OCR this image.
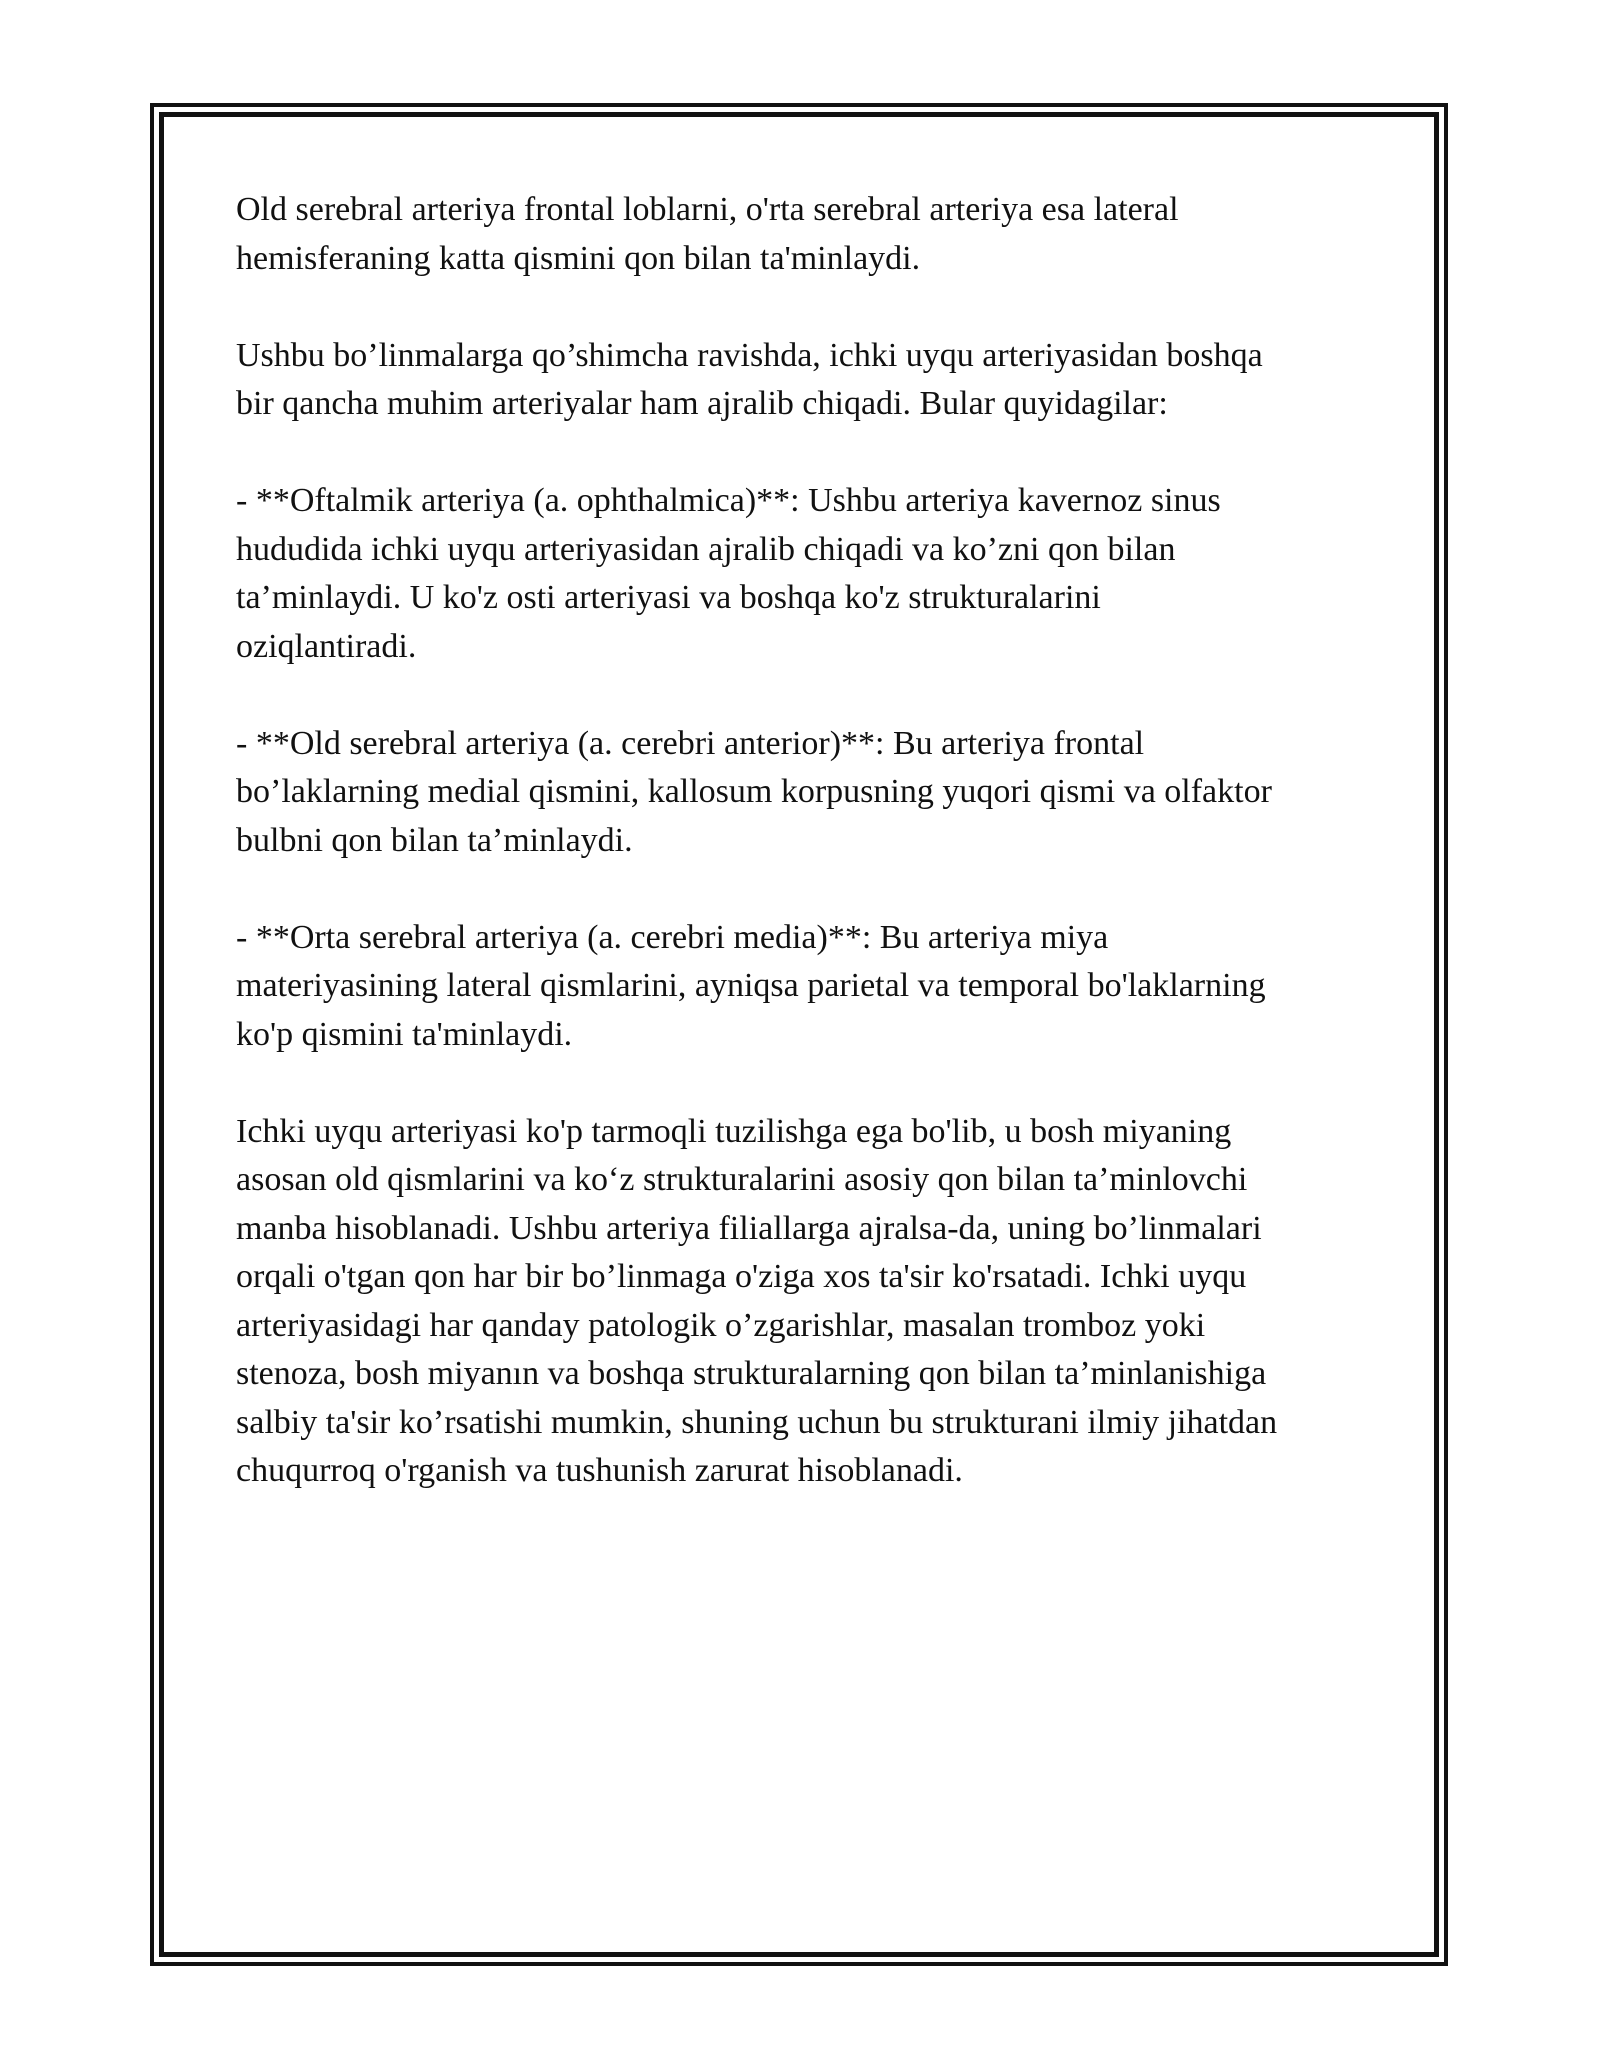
Old serebral arteriya frontal loblarni, o'rta serebral arteriya esa lateral
hemisferaning katta qismini qon bilan ta'minlaydi.

Ushbu bo’linmalarga qo’shimcha ravishda, ichki uyqu arteriyasidan boshqa
bir qancha muhim arteriyalar ham ajralib chiqadi. Bular quyidagilar:

- **Oftalmik arteriya (a. ophthalmica)**: Ushbu arteriya kavernoz sinus
hududida ichki uyqu arteriyasidan ajralib chiqadi va ko’zni qon bilan
ta’minlaydi. U ko'z osti arteriyasi va boshqa ko'z strukturalarini
oziqlantiradi.

- **Old serebral arteriya (a. cerebri anterior)**: Bu arteriya frontal
bo’laklarning medial qismini, kallosum korpusning yuqori qismi va olfaktor
bulbni qon bilan ta’minlaydi.

- **Orta serebral arteriya (a. cerebri media)**: Bu arteriya miya
materiyasining lateral qismlarini, ayniqsa parietal va temporal bo'laklarning
ko'p qismini ta'minlaydi.

Ichki uyqu arteriyasi ko'p tarmoqli tuzilishga ega bo'lib, u bosh miyaning
asosan old qismlarini va ko‘z strukturalarini asosiy qon bilan ta’minlovchi
manba hisoblanadi. Ushbu arteriya filiallarga ajralsa-da, uning bo’linmalari
orqali o'tgan qon har bir bo’linmaga o'ziga xos ta'sir ko'rsatadi. Ichki uyqu
arteriyasidagi har qanday patologik o’zgarishlar, masalan tromboz yoki
stenoza, bosh miyanın va boshqa strukturalarning qon bilan ta’minlanishiga
salbiy ta'sir ko’rsatishi mumkin, shuning uchun bu strukturani ilmiy jihatdan
chuqurroq o'rganish va tushunish zarurat hisoblanadi.
